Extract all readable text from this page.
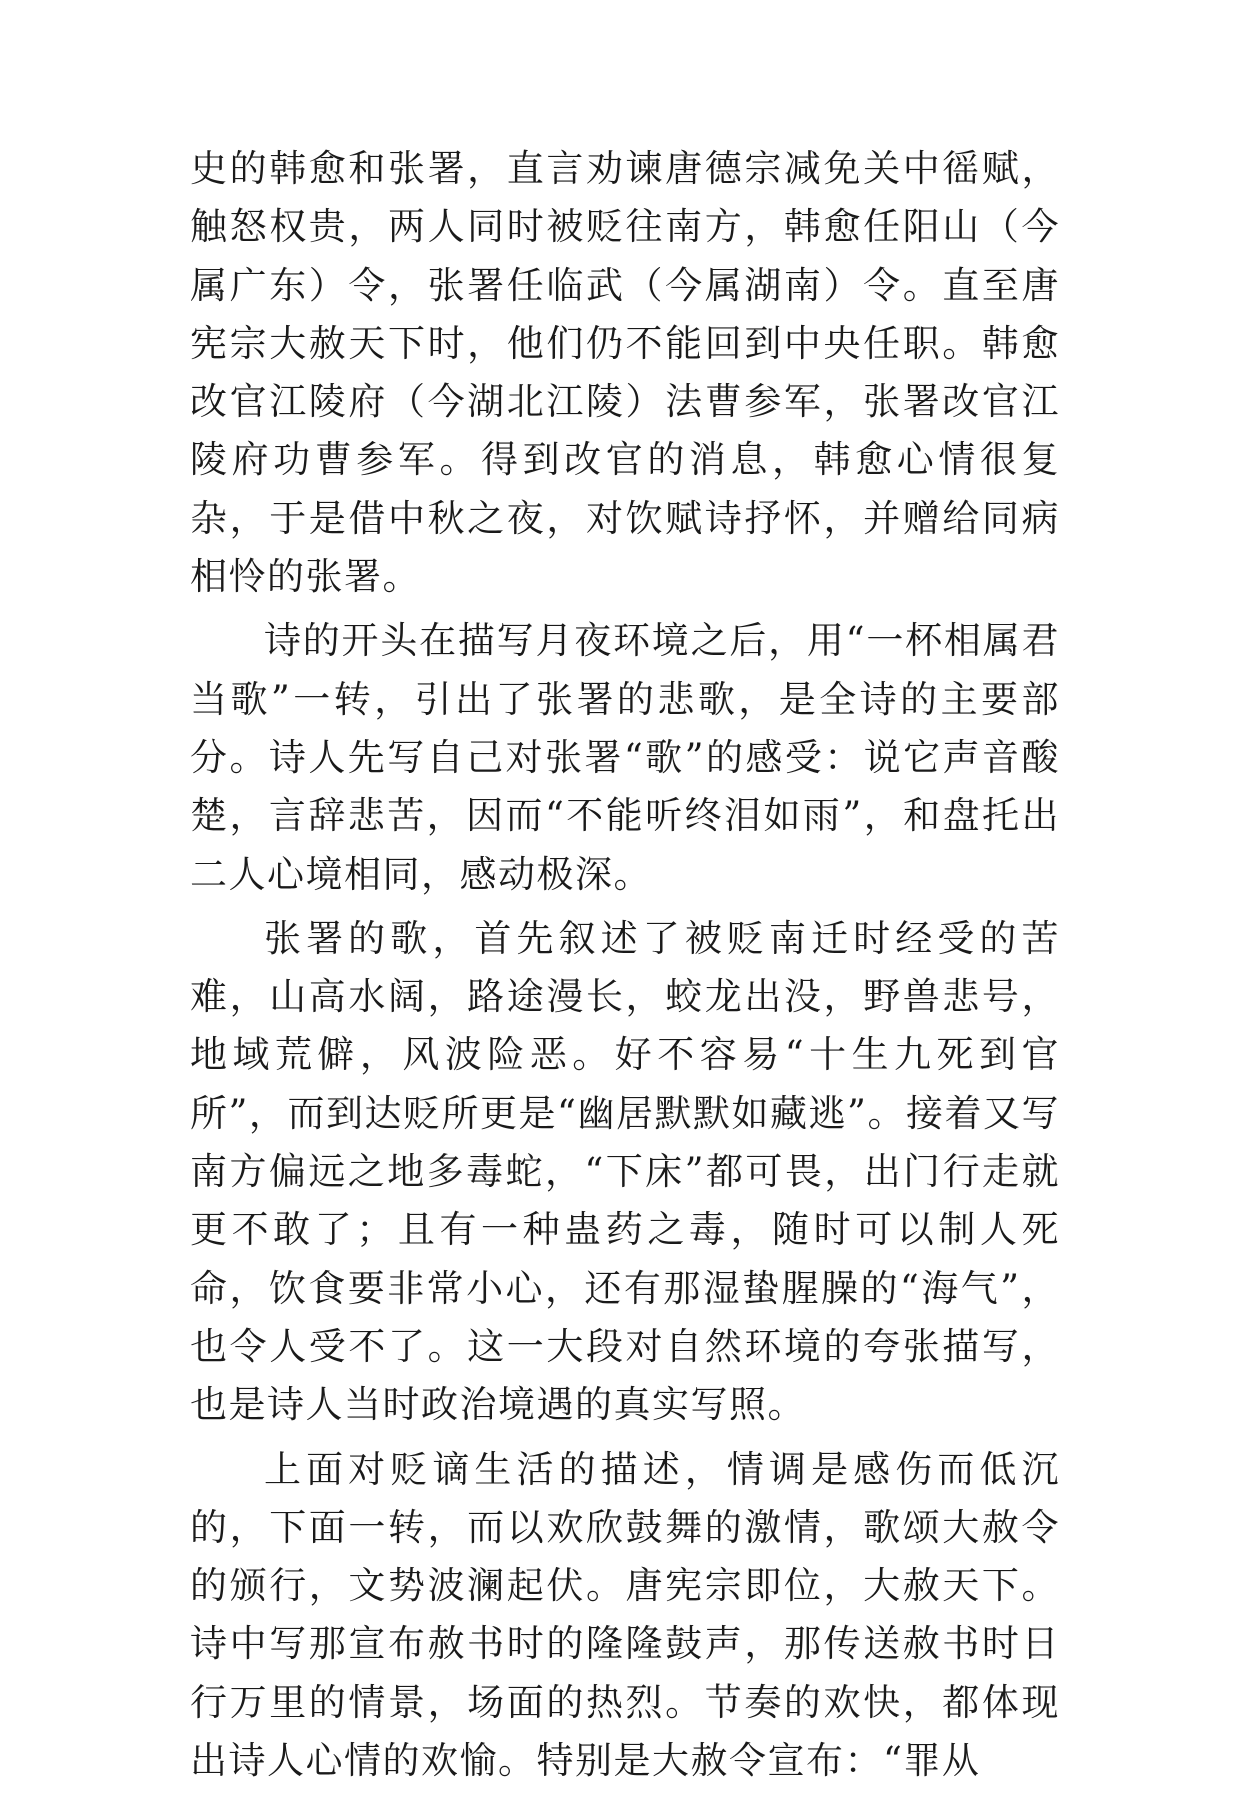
史的韩愈和张署，直言劝谏唐德宗减免关中徭赋，触怒权贵，两人同时被贬往南方，韩愈任阳山（今属广东）令，张署任临武（今属湖南）令。直至唐宪宗大赦天下时，他们仍不能回到中央任职。韩愈改官江陵府（今湖北江陵）法曹参军，张署改官江陵府功曹参军。得到改官的消息，韩愈心情很复杂，于是借中秋之夜，对饮赋诗抒怀，并赠给同病相怜的张署。

诗的开头在描写月夜环境之后，用“一杯相属君当歌”一转，引出了张署的悲歌，是全诗的主要部分。诗人先写自己对张署“歌”的感受：说它声音酸楚，言辞悲苦，因而“不能听终泪如雨”，和盘托出二人心境相同，感动极深。

张署的歌，首先叙述了被贬南迁时经受的苦难，山高水阔，路途漫长，蛟龙出没，野兽悲号，地域荒僻，风波险恶。好不容易“十生九死到官所”，而到达贬所更是“幽居默默如藏逃”。接着又写南方偏远之地多毒蛇，“下床”都可畏，出门行走就更不敢了；且有一种蛊药之毒，随时可以制人死命，饮食要非常小心，还有那湿蛰腥臊的“海气”，也令人受不了。这一大段对自然环境的夸张描写，也是诗人当时政治境遇的真实写照。

上面对贬谪生活的描述，情调是感伤而低沉的，下面一转，而以欢欣鼓舞的激情，歌颂大赦令的颁行，文势波澜起伏。唐宪宗即位，大赦天下。诗中写那宣布赦书时的隆隆鼓声，那传送赦书时日行万里的情景，场面的热烈。节奏的欢快，都体现出诗人心情的欢愉。特别是大赦令宣布：“罪从
